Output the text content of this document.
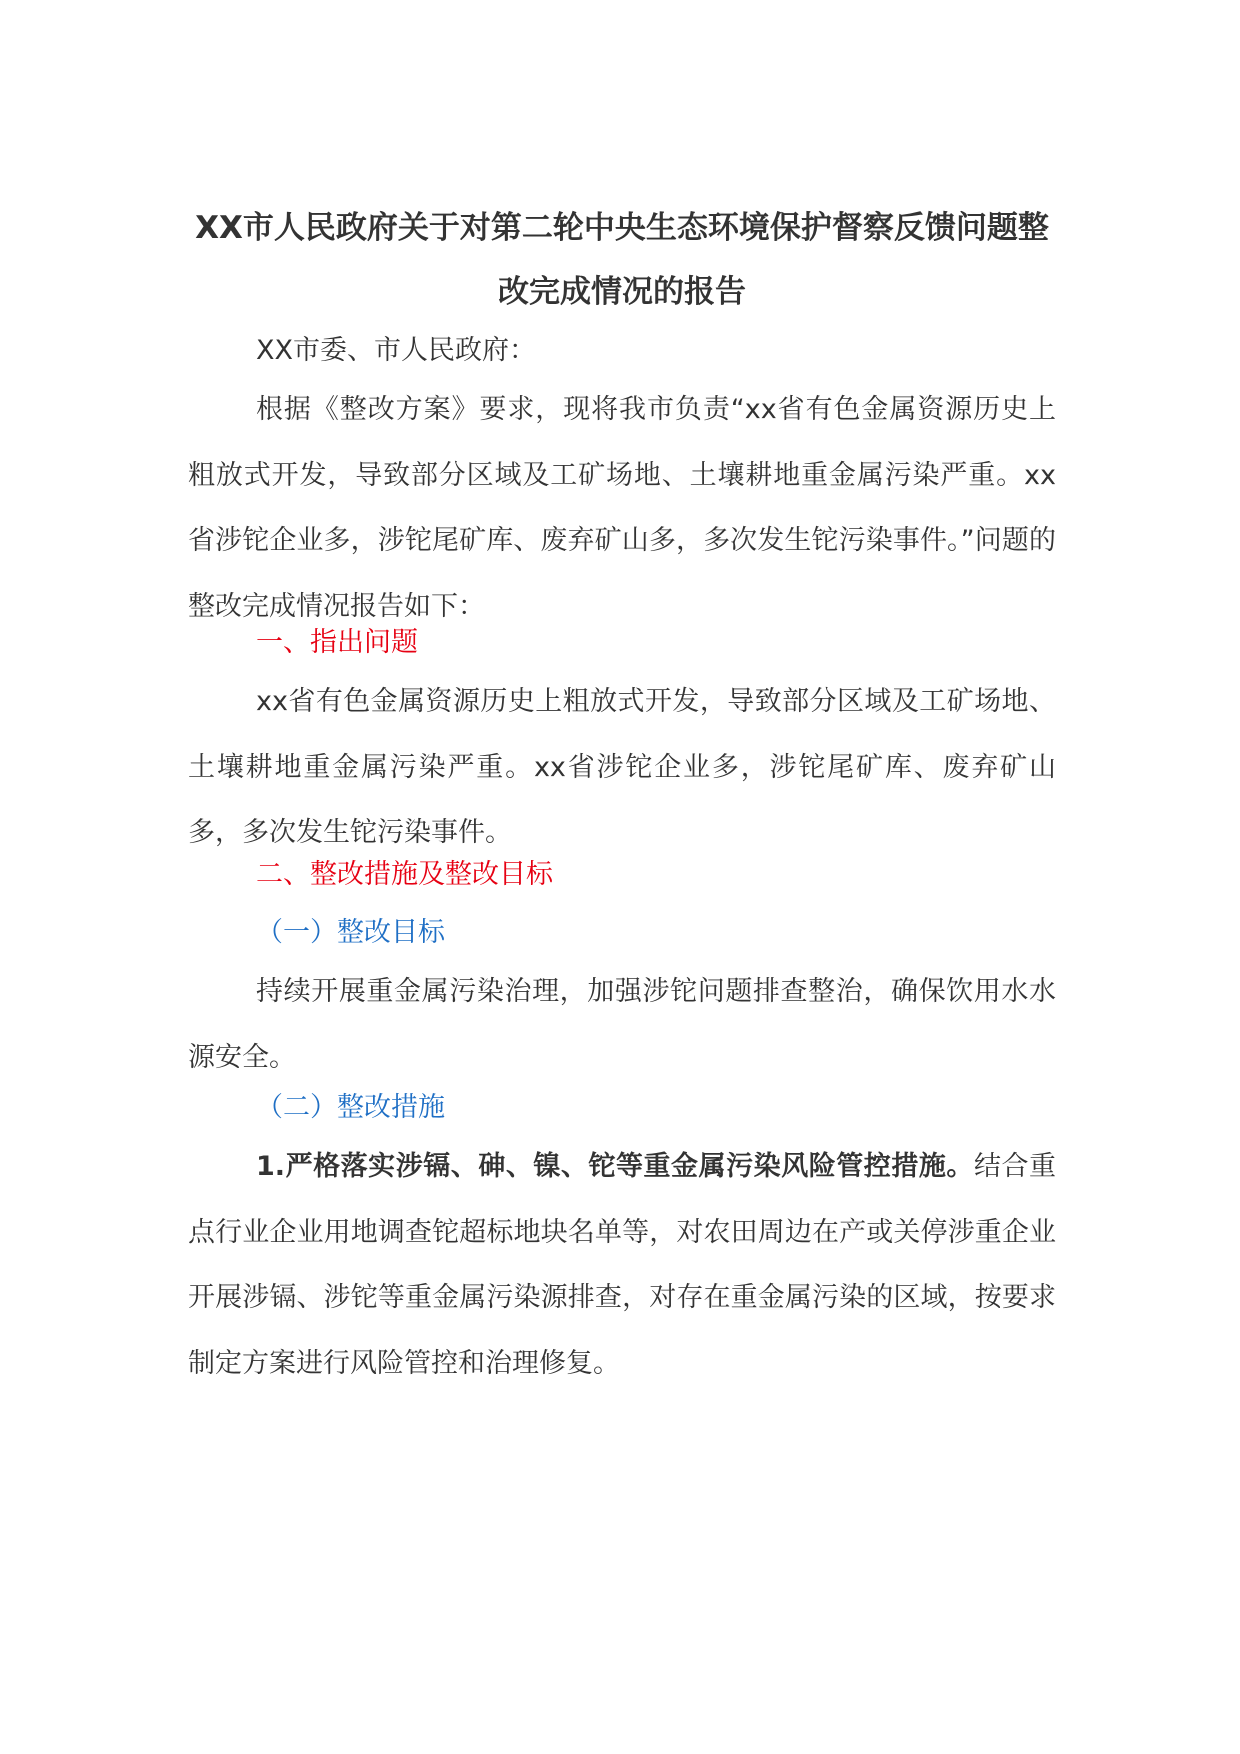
XX市人民政府关于对第二轮中央生态环境保护督察反馈问题整改完成情况的报告

XX市委、市人民政府：

根据《整改方案》要求，现将我市负责“xx省有色金属资源历史上粗放式开发，导致部分区域及工矿场地、土壤耕地重金属污染严重。xx省涉铊企业多，涉铊尾矿库、废弃矿山多，多次发生铊污染事件。”问题的整改完成情况报告如下：

一、指出问题

xx省有色金属资源历史上粗放式开发，导致部分区域及工矿场地、土壤耕地重金属污染严重。xx省涉铊企业多，涉铊尾矿库、废弃矿山多，多次发生铊污染事件。

二、整改措施及整改目标

（一）整改目标

持续开展重金属污染治理，加强涉铊问题排查整治，确保饮用水水源安全。

（二）整改措施

1.严格落实涉镉、砷、镍、铊等重金属污染风险管控措施。结合重点行业企业用地调查铊超标地块名单等，对农田周边在产或关停涉重企业开展涉镉、涉铊等重金属污染源排查，对存在重金属污染的区域，按要求制定方案进行风险管控和治理修复。
